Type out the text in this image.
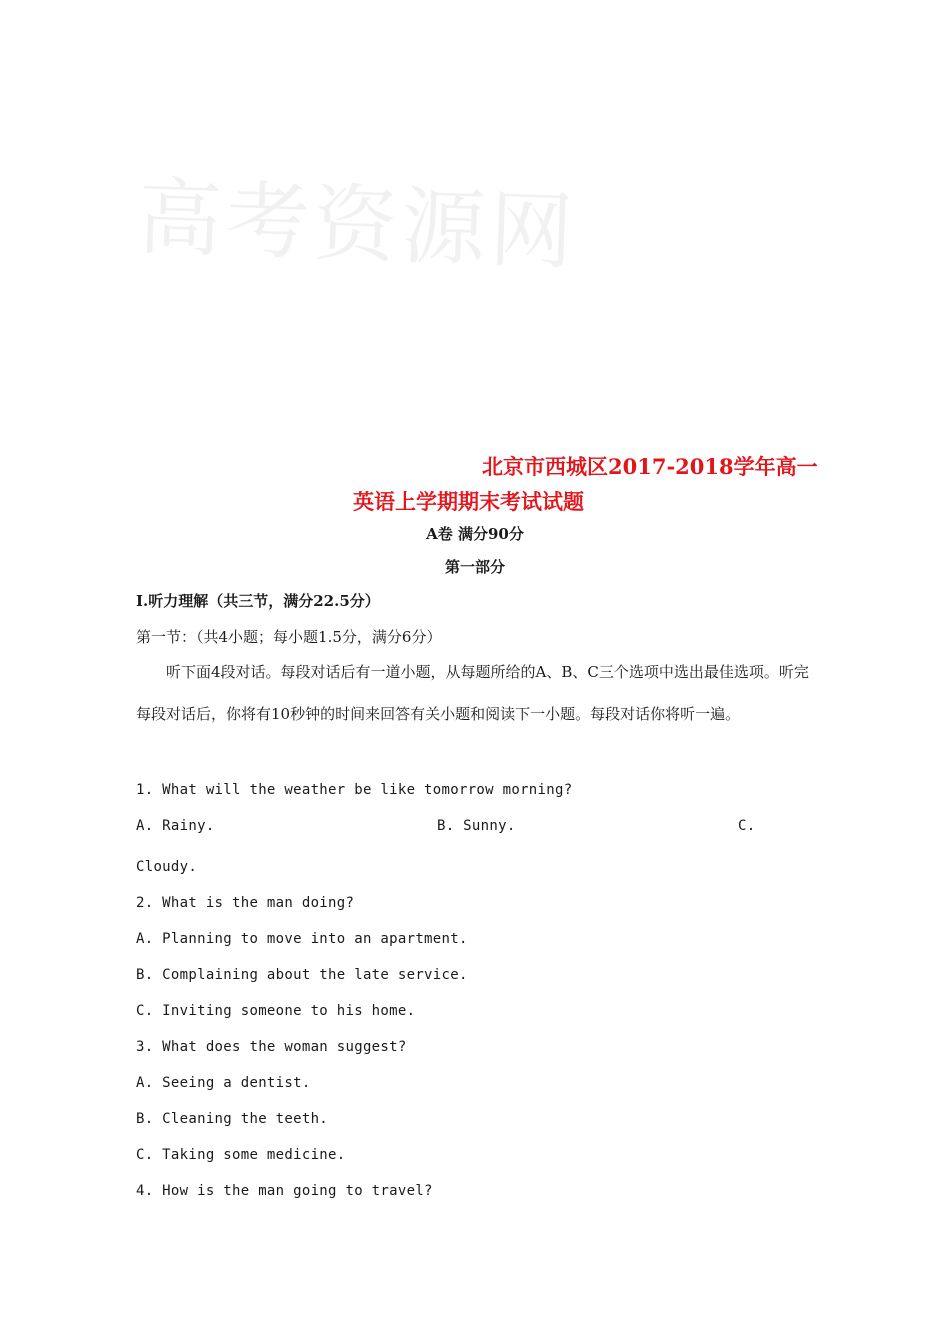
高考资源网
北京市西城区2017-2018学年高一
英语上学期期末考试试题
A卷 满分90分
第一部分
I.听力理解（共三节，满分22.5分）
第一节：（共4小题；每小题1.5分，满分6分）
听下面4段对话。每段对话后有一道小题，从每题所给的A、B、C三个选项中选出最佳选项。听完每段对话后，你将有10秒钟的时间来回答有关小题和阅读下一小题。每段对话你将听一遍。
1. What will the weather be like tomorrow morning?
A. Rainy.	B. Sunny.	C.
Cloudy.
2. What is the man doing?
A. Planning to move into an apartment.
B. Complaining about the late service.
C. Inviting someone to his home.
3. What does the woman suggest?
A. Seeing a dentist.
B. Cleaning the teeth.
C. Taking some medicine.
4. How is the man going to travel?
